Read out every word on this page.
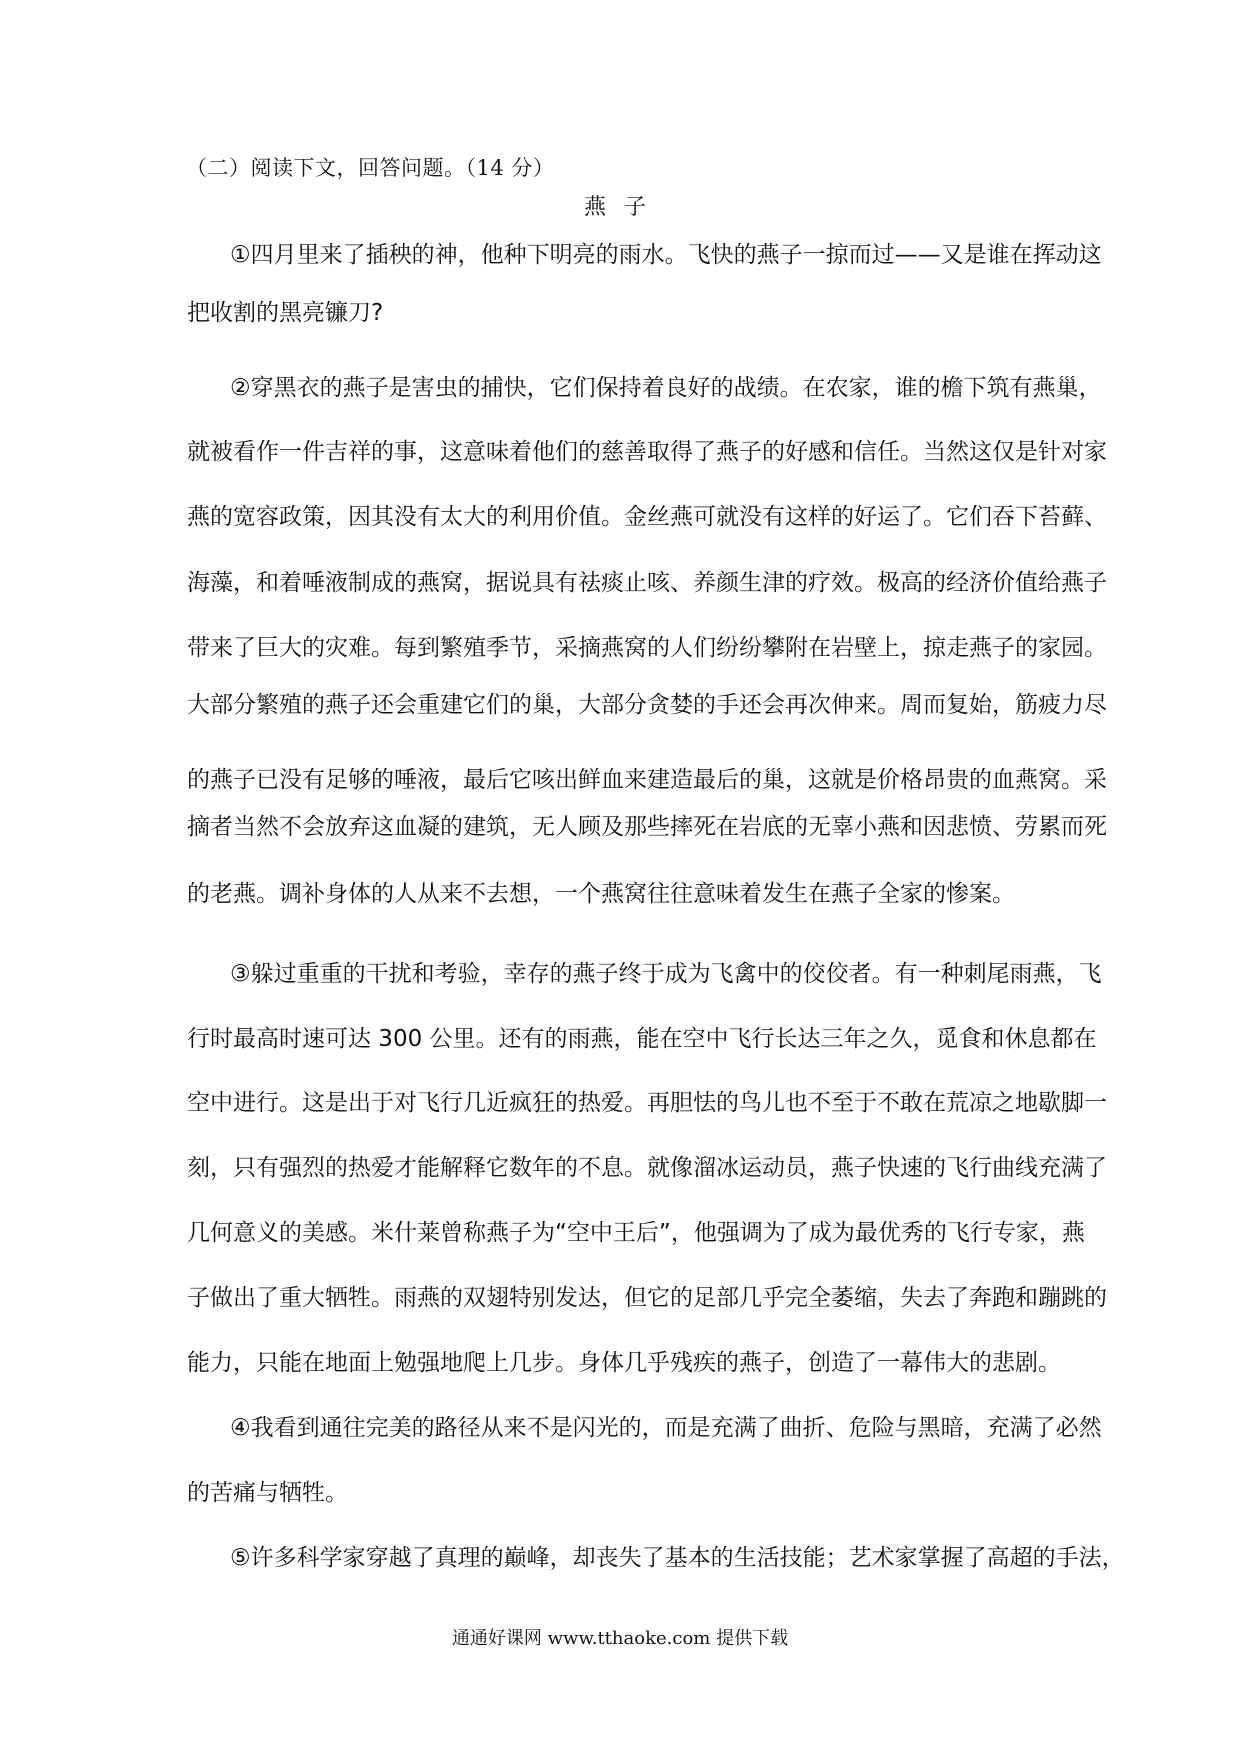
（二）阅读下文，回答问题。（14 分）
燕子
①四月里来了插秧的神，他种下明亮的雨水。飞快的燕子一掠而过——又是谁在挥动这
把收割的黑亮镰刀?
②穿黑衣的燕子是害虫的捕快，它们保持着良好的战绩。在农家，谁的檐下筑有燕巢，
就被看作一件吉祥的事，这意味着他们的慈善取得了燕子的好感和信任。当然这仅是针对家
燕的宽容政策，因其没有太大的利用价值。金丝燕可就没有这样的好运了。它们吞下苔藓、
海藻，和着唾液制成的燕窝，据说具有祛痰止咳、养颜生津的疗效。极高的经济价值给燕子
带来了巨大的灾难。每到繁殖季节，采摘燕窝的人们纷纷攀附在岩壁上，掠走燕子的家园。
大部分繁殖的燕子还会重建它们的巢，大部分贪婪的手还会再次伸来。周而复始，筋疲力尽
的燕子已没有足够的唾液，最后它咳出鲜血来建造最后的巢，这就是价格昂贵的血燕窝。采
摘者当然不会放弃这血凝的建筑，无人顾及那些摔死在岩底的无辜小燕和因悲愤、劳累而死
的老燕。调补身体的人从来不去想，一个燕窝往往意味着发生在燕子全家的惨案。
③躲过重重的干扰和考验，幸存的燕子终于成为飞禽中的佼佼者。有一种刺尾雨燕，飞
行时最高时速可达 300 公里。还有的雨燕，能在空中飞行长达三年之久，觅食和休息都在
空中进行。这是出于对飞行几近疯狂的热爱。再胆怯的鸟儿也不至于不敢在荒凉之地歇脚一
刻，只有强烈的热爱才能解释它数年的不息。就像溜冰运动员，燕子快速的飞行曲线充满了
几何意义的美感。米什莱曾称燕子为“空中王后”，他强调为了成为最优秀的飞行专家，燕
子做出了重大牺牲。雨燕的双翅特别发达，但它的足部几乎完全萎缩，失去了奔跑和蹦跳的
能力，只能在地面上勉强地爬上几步。身体几乎残疾的燕子，创造了一幕伟大的悲剧。
④我看到通往完美的路径从来不是闪光的，而是充满了曲折、危险与黑暗，充满了必然
的苦痛与牺牲。
⑤许多科学家穿越了真理的巅峰，却丧失了基本的生活技能；艺术家掌握了高超的手法，
通通好课网 www.tthaoke.com 提供下载
